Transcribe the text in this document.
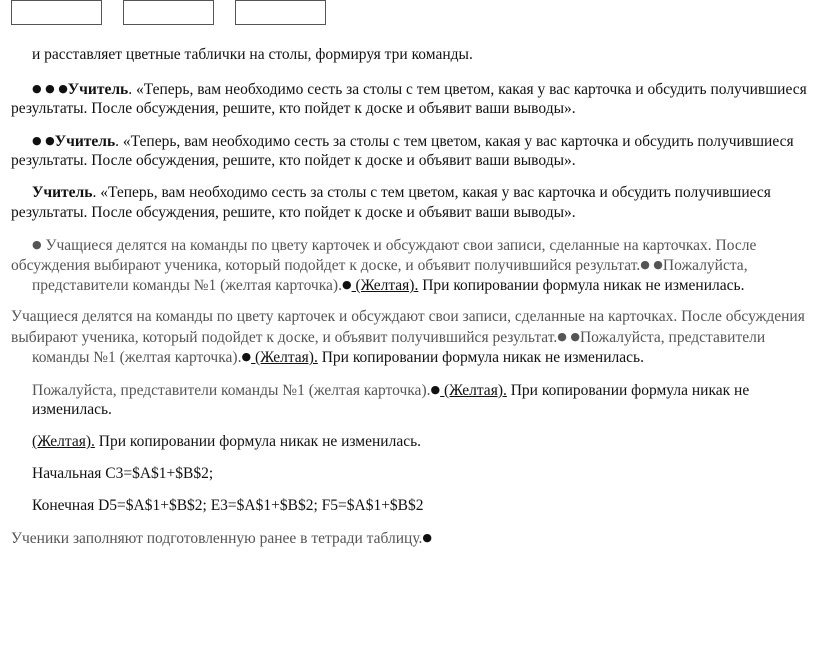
и расставляет цветные таблички на столы, формируя три команды.
● ● ●Учитель. «Теперь, вам необходимо сесть за столы с тем цветом, какая у вас карточка и обсудить получившиеся
результаты. После обсуждения, решите, кто пойдет к доске и объявит ваши выводы».
● ●Учитель. «Теперь, вам необходимо сесть за столы с тем цветом, какая у вас карточка и обсудить получившиеся
результаты. После обсуждения, решите, кто пойдет к доске и объявит ваши выводы».
Учитель. «Теперь, вам необходимо сесть за столы с тем цветом, какая у вас карточка и обсудить получившиеся
результаты. После обсуждения, решите, кто пойдет к доске и объявит ваши выводы».
● Учащиеся делятся на команды по цвету карточек и обсуждают свои записи, сделанные на карточках. После
обсуждения выбирают ученика, который подойдет к доске, и объявит получившийся результат.● ●Пожалуйста,
представители команды №1 (желтая карточка).● (Желтая). При копировании формула никак не изменилась.
Учащиеся делятся на команды по цвету карточек и обсуждают свои записи, сделанные на карточках. После обсуждения
выбирают ученика, который подойдет к доске, и объявит получившийся результат.● ●Пожалуйста, представители
команды №1 (желтая карточка).● (Желтая). При копировании формула никак не изменилась.
Пожалуйста, представители команды №1 (желтая карточка).● (Желтая). При копировании формула никак не
изменилась.
(Желтая). При копировании формула никак не изменилась.
Начальная С3=$A$1+$B$2;
Конечная D5=$A$1+$B$2; E3=$A$1+$B$2; F5=$A$1+$B$2
Ученики заполняют подготовленную ранее в тетради таблицу.●
